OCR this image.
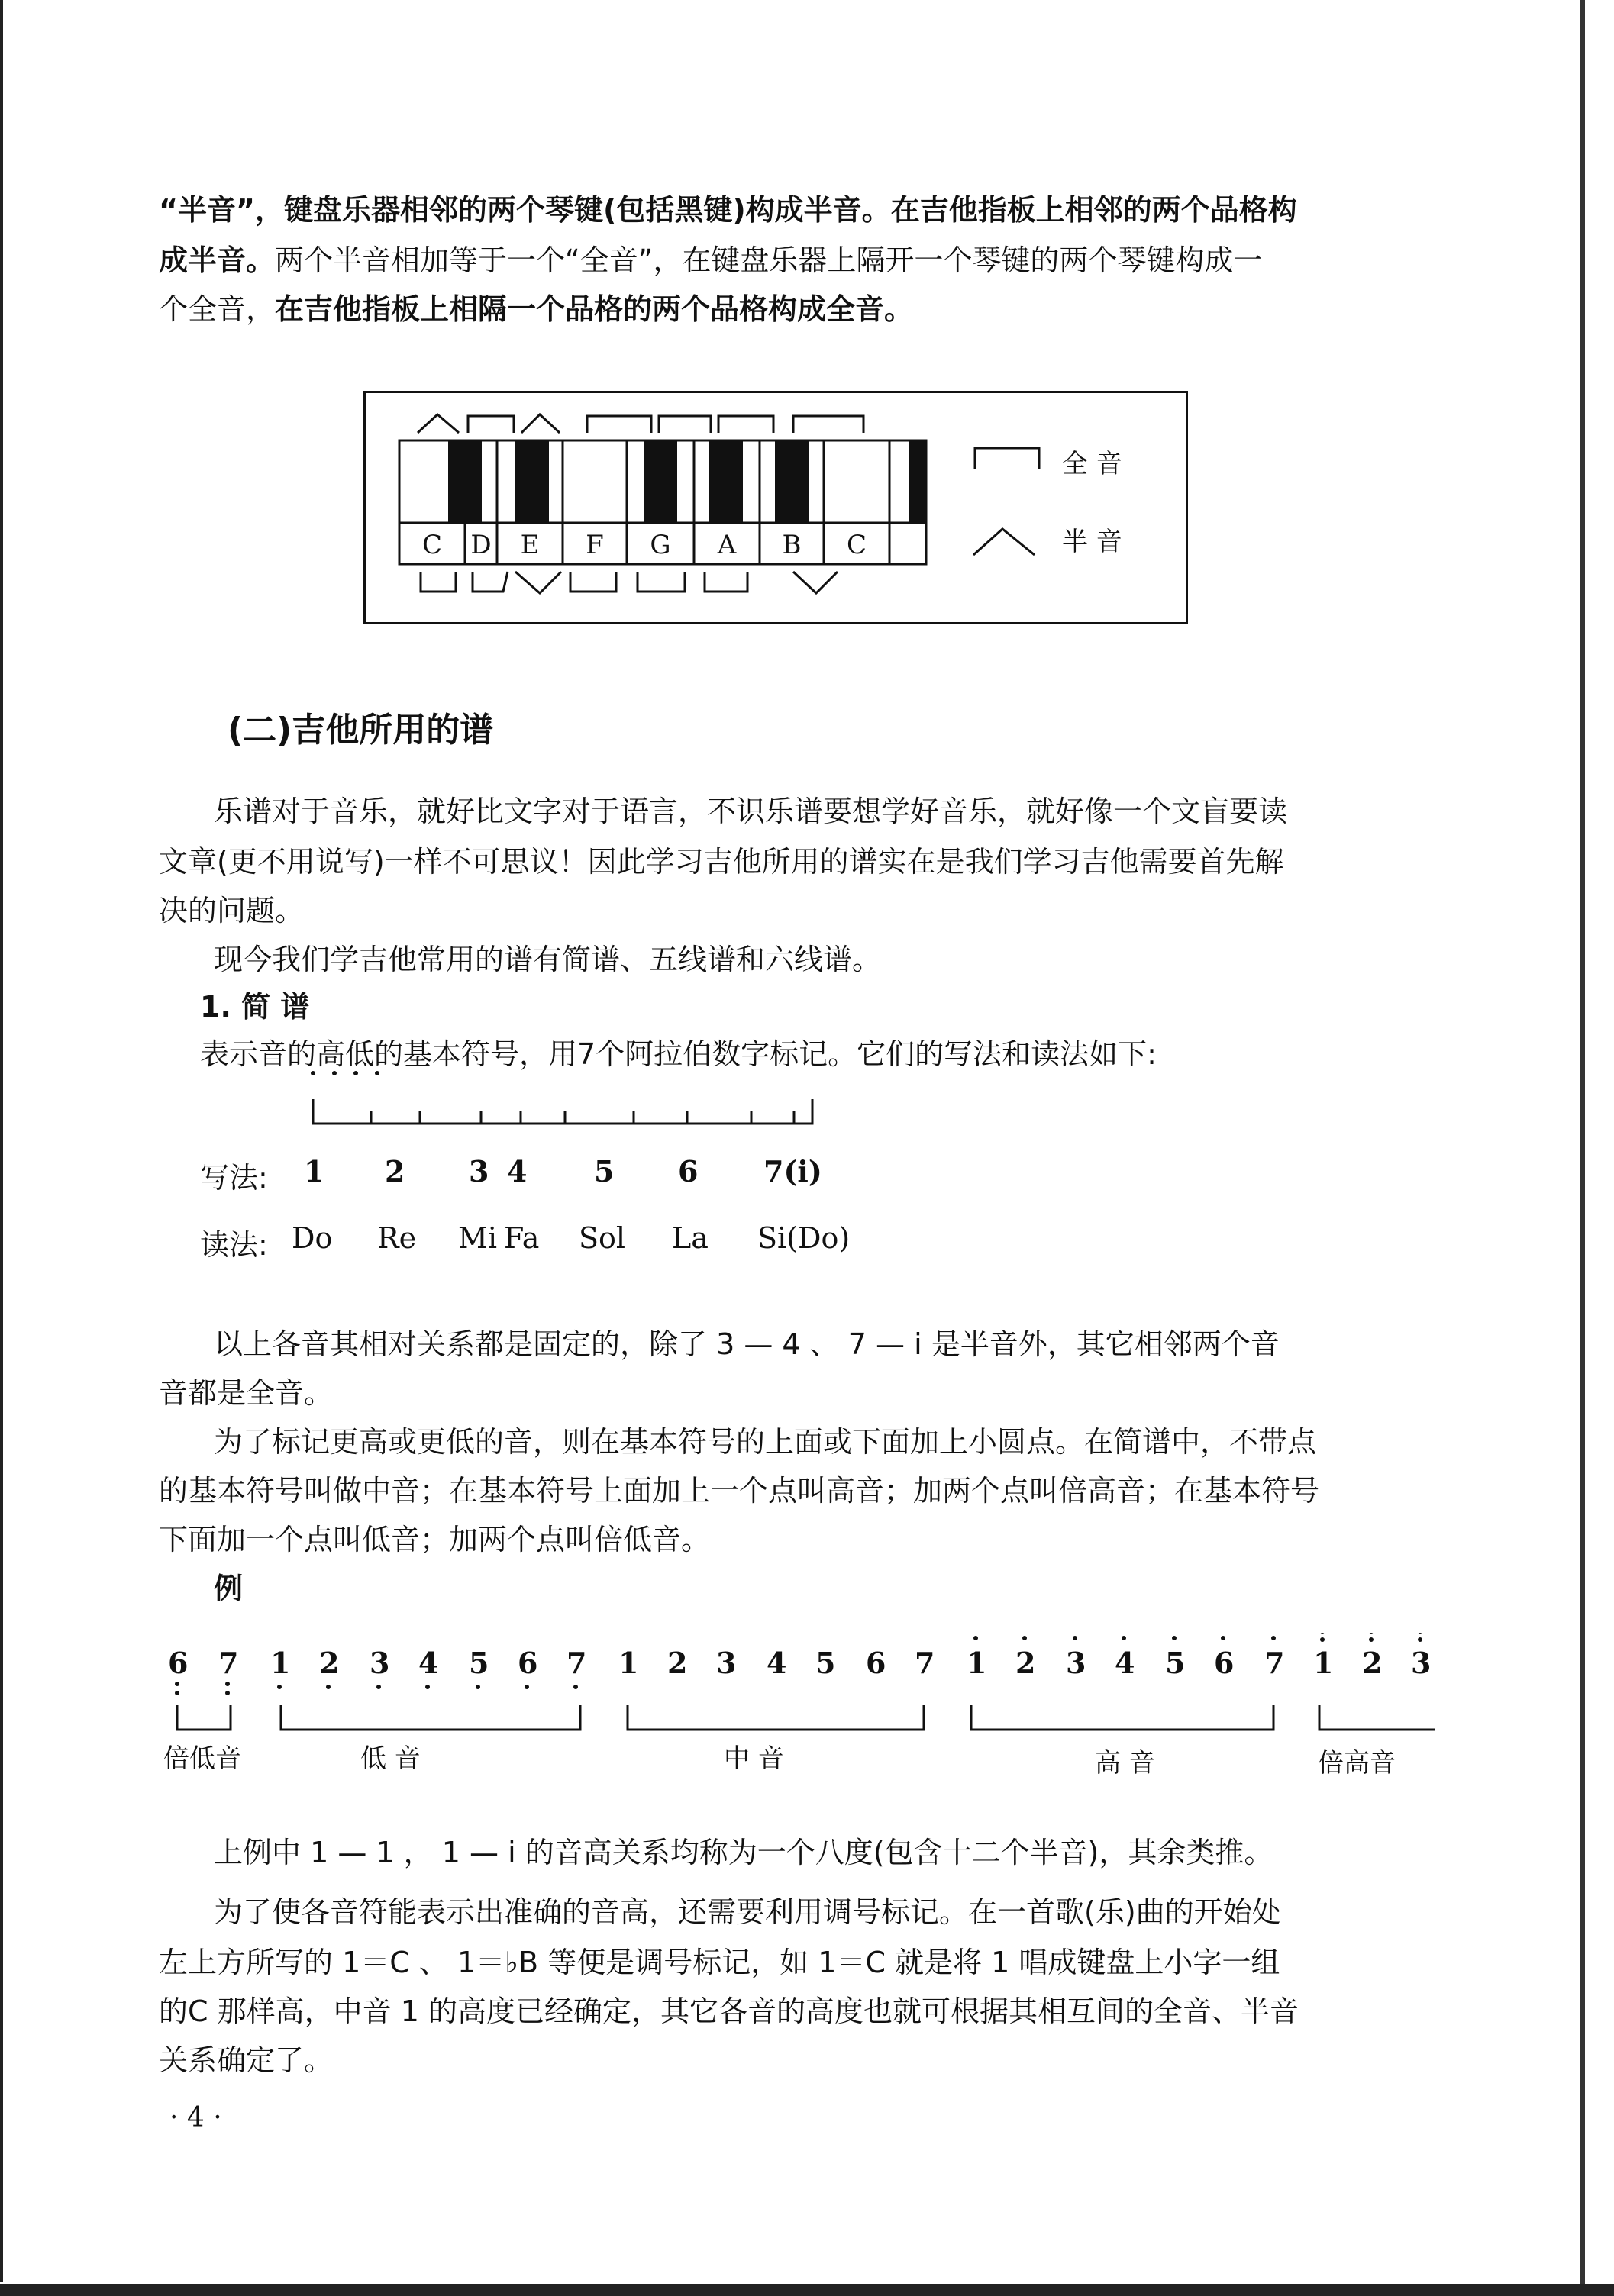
“半音”，键盘乐器相邻的两个琴键(包括黑键)构成半音。在吉他指板上相邻的两个品格构

成半音。两个半音相加等于一个“全音”，在键盘乐器上隔开一个琴键的两个琴键构成一

个全音，在吉他指板上相隔一个品格的两个品格构成全音。

C D E F G A B C
全 音
半 音
(二)吉他所用的谱

乐谱对于音乐，就好比文字对于语言，不识乐谱要想学好音乐，就好像一个文盲要读

文章(更不用说写)一样不可思议！因此学习吉他所用的谱实在是我们学习吉他需要首先解

决的问题。

现今我们学吉他常用的谱有简谱、五线谱和六线谱。

1. 简 谱

表示音的高低的基本符号，用7个阿拉伯数字标记。它们的写法和读法如下:

写法: 1 2 3 4 5 6 7(i)
读法: Do Re Mi Fa Sol La Si(Do)

以上各音其相对关系都是固定的，除了 3 — 4 、 7 — i 是半音外，其它相邻两个音

音都是全音。

为了标记更高或更低的音，则在基本符号的上面或下面加上小圆点。在简谱中，不带点

的基本符号叫做中音；在基本符号上面加上一个点叫高音；加两个点叫倍高音；在基本符号

下面加一个点叫低音；加两个点叫倍低音。

例

6 7 1 2 3 4 5 6 7 1 2 3 4 5 6 7 1 2 3 4 5 6 7 1 2 3
倍低音	低 音	中 音	高 音	倍高音

上例中 1 — 1 ， 1 — i 的音高关系均称为一个八度(包含十二个半音)，其余类推。

为了使各音符能表示出准确的音高，还需要利用调号标记。在一首歌(乐)曲的开始处

左上方所写的 1＝C 、 1＝♭B 等便是调号标记，如 1＝C 就是将 1 唱成键盘上小字一组

的C 那样高，中音 1 的高度已经确定，其它各音的高度也就可根据其相互间的全音、半音

关系确定了。

· 4 ·
